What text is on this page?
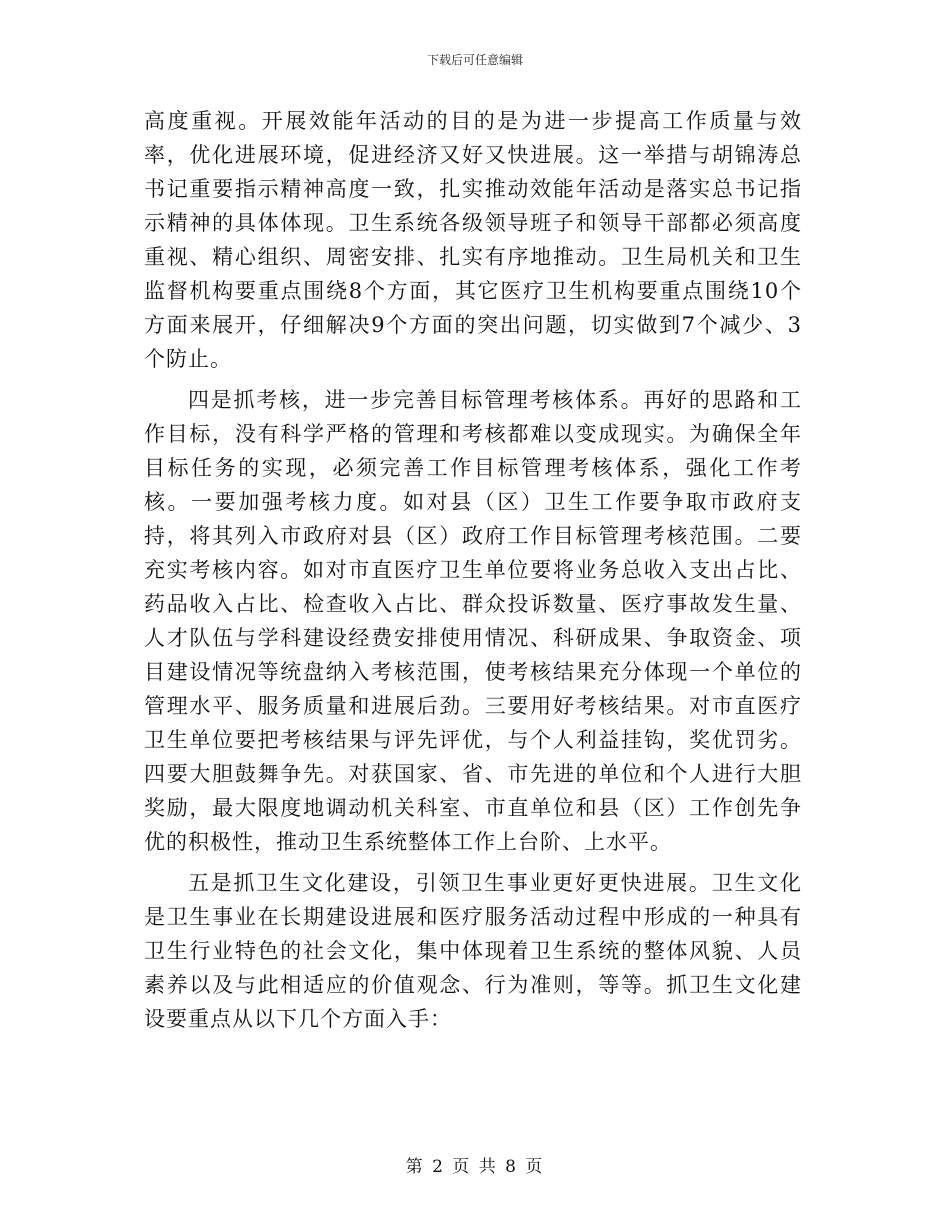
下载后可任意编辑

高度重视。开展效能年活动的目的是为进一步提高工作质量与效率，优化进展环境，促进经济又好又快进展。这一举措与胡锦涛总书记重要指示精神高度一致，扎实推动效能年活动是落实总书记指示精神的具体体现。卫生系统各级领导班子和领导干部都必须高度重视、精心组织、周密安排、扎实有序地推动。卫生局机关和卫生监督机构要重点围绕8个方面，其它医疗卫生机构要重点围绕10个方面来展开，仔细解决9个方面的突出问题，切实做到7个减少、3个防止。

四是抓考核，进一步完善目标管理考核体系。再好的思路和工作目标，没有科学严格的管理和考核都难以变成现实。为确保全年目标任务的实现，必须完善工作目标管理考核体系，强化工作考核。一要加强考核力度。如对县（区）卫生工作要争取市政府支持，将其列入市政府对县（区）政府工作目标管理考核范围。二要充实考核内容。如对市直医疗卫生单位要将业务总收入支出占比、药品收入占比、检查收入占比、群众投诉数量、医疗事故发生量、人才队伍与学科建设经费安排使用情况、科研成果、争取资金、项目建设情况等统盘纳入考核范围，使考核结果充分体现一个单位的管理水平、服务质量和进展后劲。三要用好考核结果。对市直医疗卫生单位要把考核结果与评先评优，与个人利益挂钩，奖优罚劣。四要大胆鼓舞争先。对获国家、省、市先进的单位和个人进行大胆奖励，最大限度地调动机关科室、市直单位和县（区）工作创先争优的积极性，推动卫生系统整体工作上台阶、上水平。

五是抓卫生文化建设，引领卫生事业更好更快进展。卫生文化是卫生事业在长期建设进展和医疗服务活动过程中形成的一种具有卫生行业特色的社会文化，集中体现着卫生系统的整体风貌、人员素养以及与此相适应的价值观念、行为准则，等等。抓卫生文化建设要重点从以下几个方面入手：

第 2 页 共 8 页
